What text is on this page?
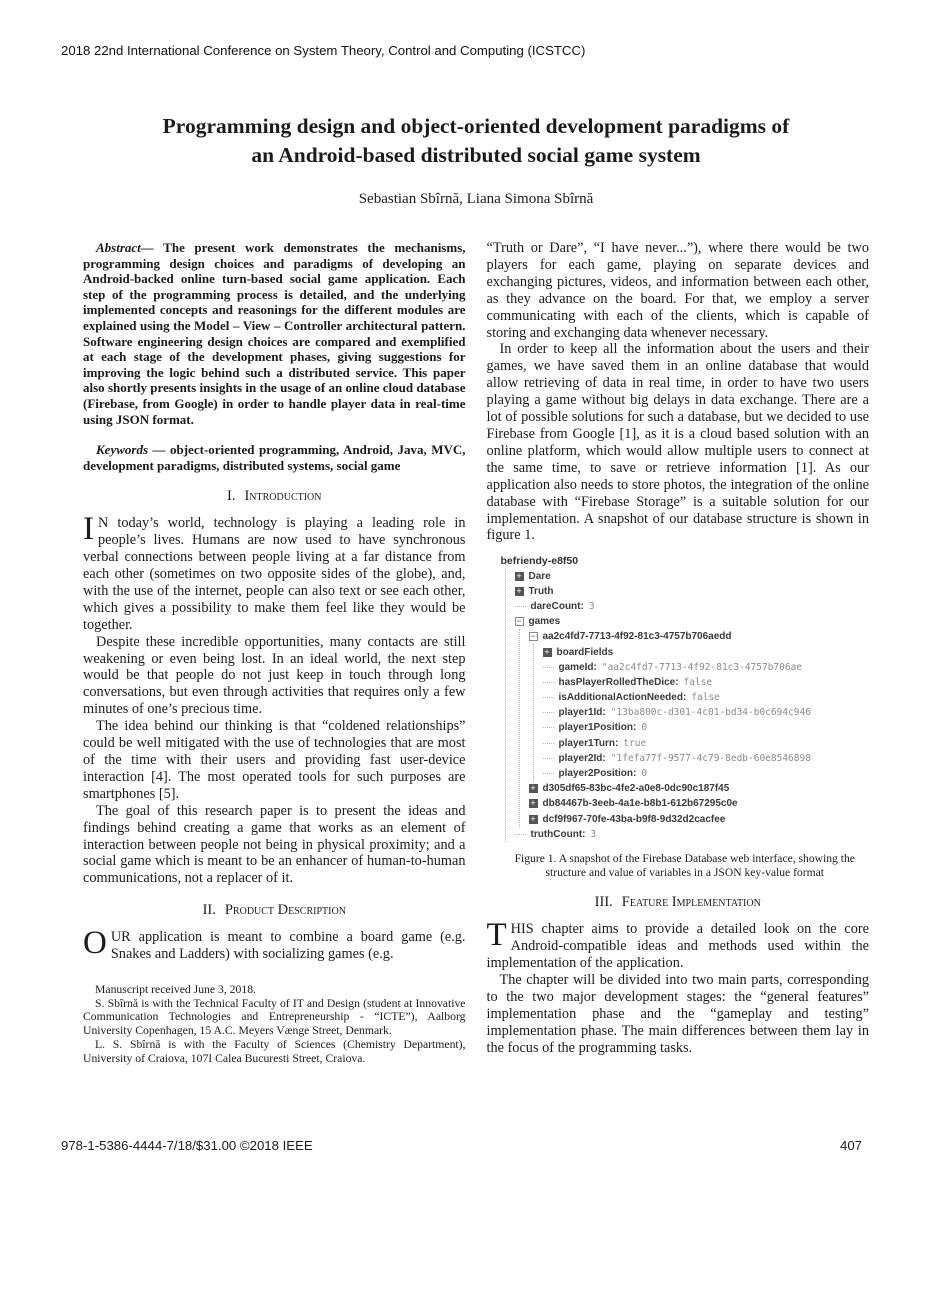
2018 22nd International Conference on System Theory, Control and Computing (ICSTCC)
Programming design and object-oriented development paradigms of
an Android-based distributed social game system
Sebastian Sbîrnă, Liana Simona Sbîrnă

Abstract— The present work demonstrates the mechanisms, programming design choices and paradigms of developing an Android-backed online turn-based social game application. Each step of the programming process is detailed, and the underlying implemented concepts and reasonings for the different modules are explained using the Model – View – Controller architectural pattern. Software engineering design choices are compared and exemplified at each stage of the development phases, giving suggestions for improving the logic behind such a distributed service. This paper also shortly presents insights in the usage of an online cloud database (Firebase, from Google) in order to handle player data in real-time using JSON format.

Keywords — object-oriented programming, Android, Java, MVC, development paradigms, distributed systems, social game

I. Introduction

I N today’s world, technology is playing a leading role in people’s lives. Humans are now used to have synchronous verbal connections between people living at a far distance from each other (sometimes on two opposite sides of the globe), and, with the use of the internet, people can also text or see each other, which gives a possibility to make them feel like they would be together.

Despite these incredible opportunities, many contacts are still weakening or even being lost. In an ideal world, the next step would be that people do not just keep in touch through long conversations, but even through activities that requires only a few minutes of one’s precious time.

The idea behind our thinking is that “coldened relationships” could be well mitigated with the use of technologies that are most of the time with their users and providing fast user-device interaction [4]. The most operated tools for such purposes are smartphones [5].

The goal of this research paper is to present the ideas and findings behind creating a game that works as an element of interaction between people not being in physical proximity; and a social game which is meant to be an enhancer of human-to-human communications, not a replacer of it.

II. Product Description

OUR application is meant to combine a board game (e.g. Snakes and Ladders) with socializing games (e.g.

Manuscript received June 3, 2018.

S. Sbîrnă is with the Technical Faculty of IT and Design (student at Innovative Communication Technologies and Entrepreneurship - “ICTE”), Aalborg University Copenhagen, 15 A.C. Meyers Vænge Street, Denmark.

L. S. Sbîrnă is with the Faculty of Sciences (Chemistry Department), University of Craiova, 107I Calea Bucuresti Street, Craiova.

“Truth or Dare”, “I have never...”), where there would be two players for each game, playing on separate devices and exchanging pictures, videos, and information between each other, as they advance on the board. For that, we employ a server communicating with each of the clients, which is capable of storing and exchanging data whenever necessary.

In order to keep all the information about the users and their games, we have saved them in an online database that would allow retrieving of data in real time, in order to have two users playing a game without big delays in data exchange. There are a lot of possible solutions for such a database, but we decided to use Firebase from Google [1], as it is a cloud based solution with an online platform, which would allow multiple users to connect at the same time, to save or retrieve information [1]. As our application also needs to store photos, the integration of the online database with “Firebase Storage” is a suitable solution for our implementation. A snapshot of our database structure is shown in figure 1.

befriendy-e8f50
+ Dare
+ Truth
dareCount: 3
− games
− aa2c4fd7-7713-4f92-81c3-4757b706aedd
+ boardFields
gameId: "aa2c4fd7-7713-4f92-81c3-4757b706ae
hasPlayerRolledTheDice: false
isAdditionalActionNeeded: false
player1Id: "13ba800c-d301-4c01-bd34-b0c694c946
player1Position: 0
player1Turn: true
player2Id: "1fefa77f-9577-4c79-8edb-60e8546898
player2Position: 0
+ d305df65-83bc-4fe2-a0e8-0dc90c187f45
+ db84467b-3eeb-4a1e-b8b1-612b67295c0e
+ dcf9f967-70fe-43ba-b9f8-9d32d2cacfee
truthCount: 3
Figure 1. A snapshot of the Firebase Database web interface, showing the structure and value of variables in a JSON key-value format
III. Feature Implementation

THIS chapter aims to provide a detailed look on the core Android-compatible ideas and methods used within the implementation of the application.

The chapter will be divided into two main parts, corresponding to the two major development stages: the “general features” implementation phase and the “gameplay and testing” implementation phase. The main differences between them lay in the focus of the programming tasks.

978-1-5386-4444-7/18/$31.00 ©2018 IEEE	407
